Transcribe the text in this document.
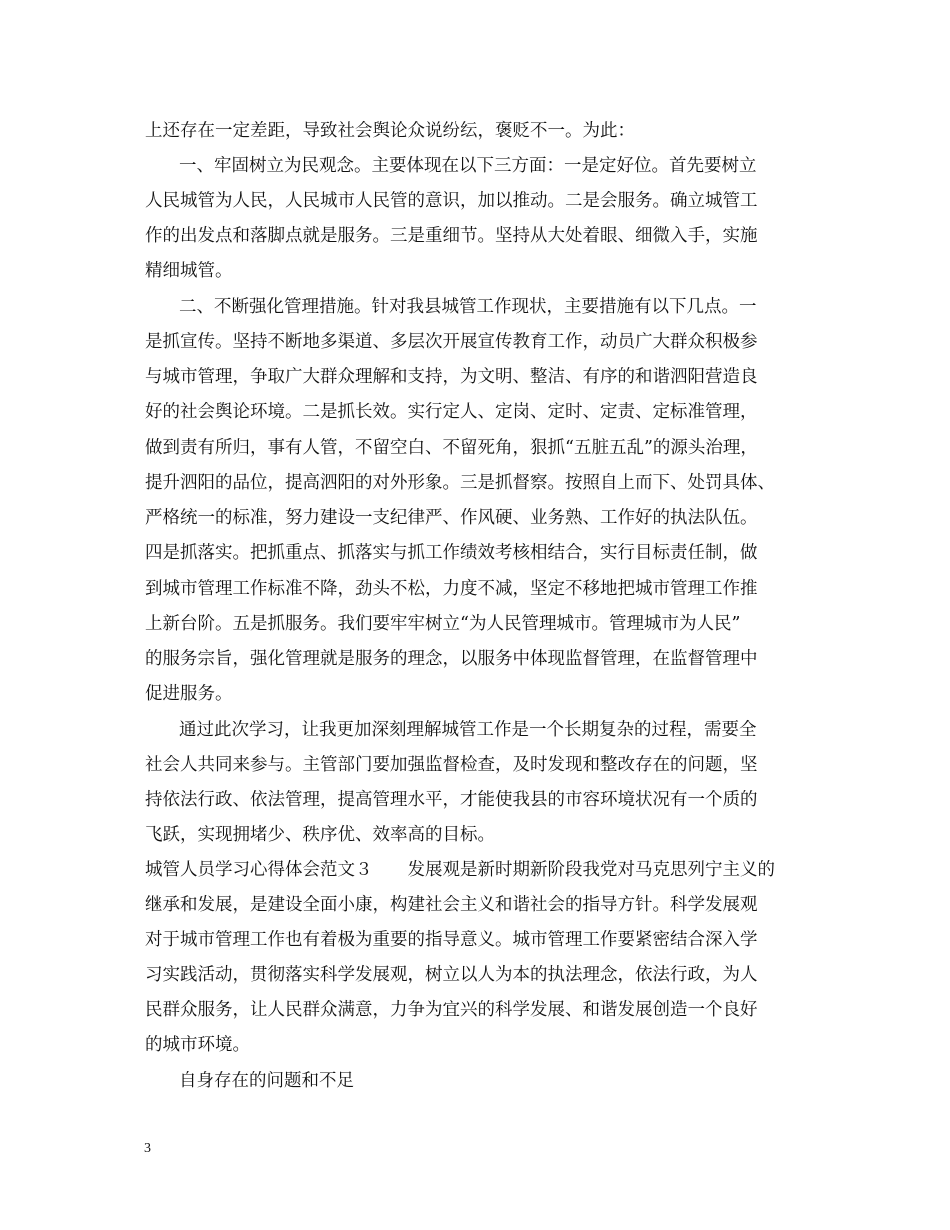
上还存在一定差距，导致社会舆论众说纷纭，褒贬不一。为此：
一、牢固树立为民观念。主要体现在以下三方面：一是定好位。首先要树立
人民城管为人民，人民城市人民管的意识，加以推动。二是会服务。确立城管工
作的出发点和落脚点就是服务。三是重细节。坚持从大处着眼、细微入手，实施
精细城管。
二、不断强化管理措施。针对我县城管工作现状，主要措施有以下几点。一
是抓宣传。坚持不断地多渠道、多层次开展宣传教育工作，动员广大群众积极参
与城市管理，争取广大群众理解和支持，为文明、整洁、有序的和谐泗阳营造良
好的社会舆论环境。二是抓长效。实行定人、定岗、定时、定责、定标准管理，
做到责有所归，事有人管，不留空白、不留死角，狠抓“五脏五乱”的源头治理，
提升泗阳的品位，提高泗阳的对外形象。三是抓督察。按照自上而下、处罚具体、
严格统一的标准，努力建设一支纪律严、作风硬、业务熟、工作好的执法队伍。
四是抓落实。把抓重点、抓落实与抓工作绩效考核相结合，实行目标责任制，做
到城市管理工作标准不降，劲头不松，力度不减，坚定不移地把城市管理工作推
上新台阶。五是抓服务。我们要牢牢树立“为人民管理城市。管理城市为人民”
的服务宗旨，强化管理就是服务的理念，以服务中体现监督管理，在监督管理中
促进服务。
通过此次学习，让我更加深刻理解城管工作是一个长期复杂的过程，需要全
社会人共同来参与。主管部门要加强监督检查，及时发现和整改存在的问题，坚
持依法行政、依法管理，提高管理水平，才能使我县的市容环境状况有一个质的
飞跃，实现拥堵少、秩序优、效率高的目标。
城管人员学习心得体会范文３　　发展观是新时期新阶段我党对马克思列宁主义的
继承和发展，是建设全面小康，构建社会主义和谐社会的指导方针。科学发展观
对于城市管理工作也有着极为重要的指导意义。城市管理工作要紧密结合深入学
习实践活动，贯彻落实科学发展观，树立以人为本的执法理念，依法行政，为人
民群众服务，让人民群众满意，力争为宜兴的科学发展、和谐发展创造一个良好
的城市环境。
自身存在的问题和不足
3
